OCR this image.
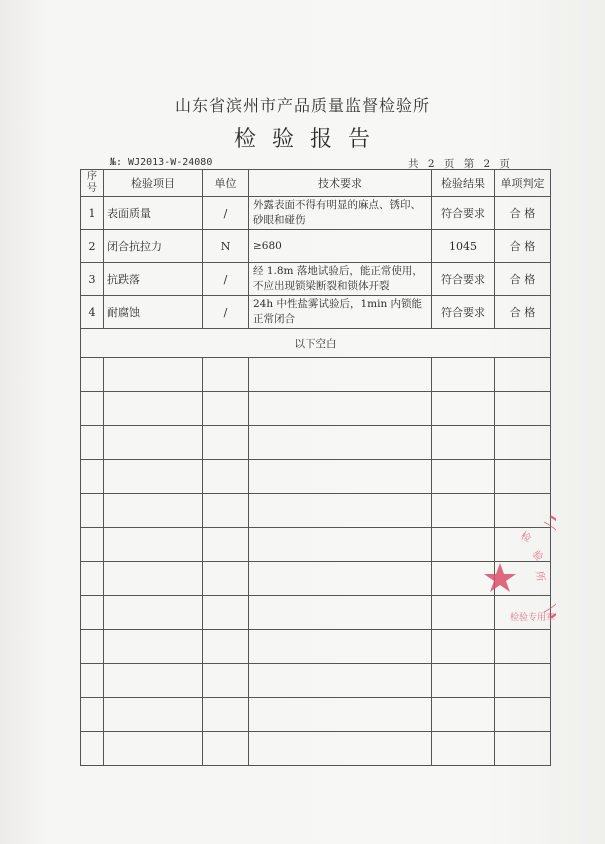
山东省滨州市产品质量监督检验所
检验报告
№: WJ2013-W-24080	共 2 页 第 2 页
序号	检验项目	单位	技术要求	检验结果	单项判定
1	表面质量	/	外露表面不得有明显的麻点、锈印、砂眼和碰伤	符合要求	合 格
2	闭合抗拉力	N	≥680	1045	合 格
3	抗跌落	/	经 1.8m 落地试验后，能正常使用，不应出现锁梁断裂和锁体开裂	符合要求	合 格
4	耐腐蚀	/	24h 中性盐雾试验后，1min 内锁能正常闭合	符合要求	合 格
以下空白					

检
验
所
检验专用章
